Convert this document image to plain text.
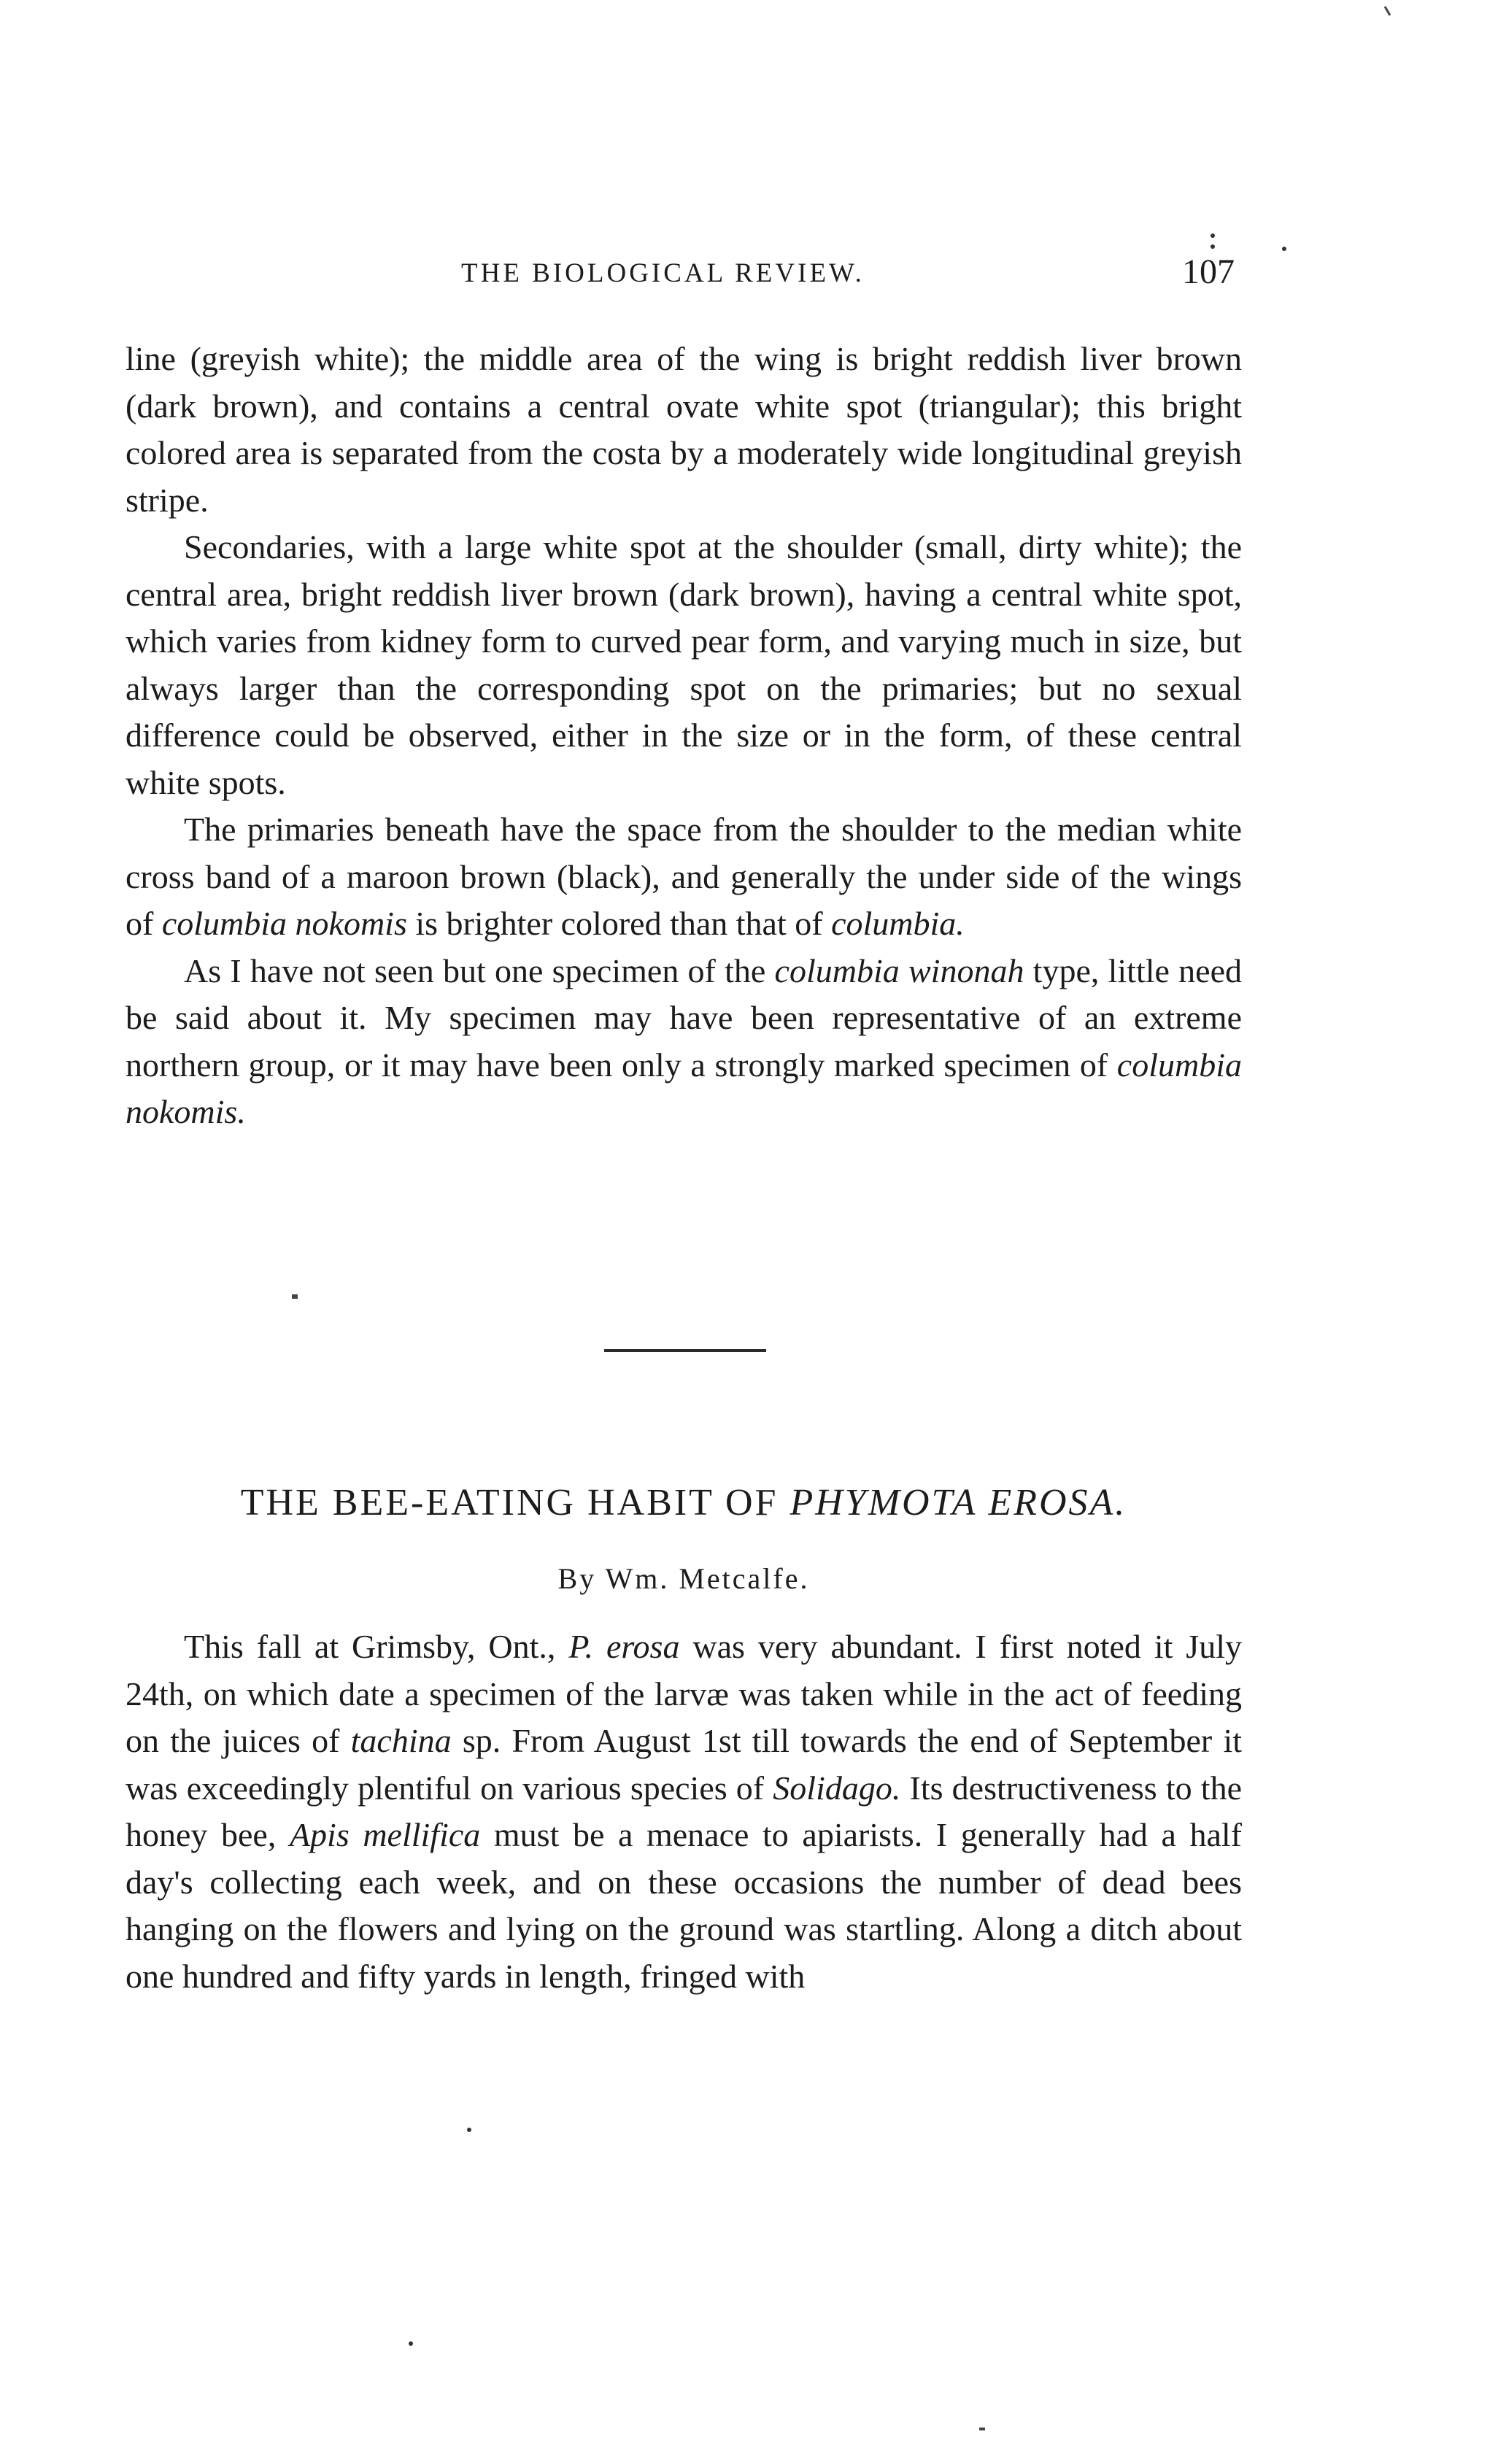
THE BIOLOGICAL REVIEW.	107

line (greyish white); the middle area of the wing is bright reddish liver brown (dark brown), and contains a central ovate white spot (triangular); this bright colored area is separated from the costa by a moderately wide longitudinal greyish stripe.

Secondaries, with a large white spot at the shoulder (small, dirty white); the central area, bright reddish liver brown (dark brown), having a central white spot, which varies from kidney form to curved pear form, and varying much in size, but always larger than the corresponding spot on the primaries; but no sexual difference could be observed, either in the size or in the form, of these central white spots.

The primaries beneath have the space from the shoulder to the median white cross band of a maroon brown (black), and generally the under side of the wings of columbia nokomis is brighter colored than that of columbia.

As I have not seen but one specimen of the columbia winonah type, little need be said about it. My specimen may have been representative of an extreme northern group, or it may have been only a strongly marked specimen of columbia nokomis.

THE BEE-EATING HABIT OF PHYMOTA EROSA.
By Wm. Metcalfe.

This fall at Grimsby, Ont., P. erosa was very abundant. I first noted it July 24th, on which date a specimen of the larvæ was taken while in the act of feeding on the juices of tachina sp. From August 1st till towards the end of September it was exceedingly plentiful on various species of Solidago. Its destructiveness to the honey bee, Apis mellifica must be a menace to apiarists. I generally had a half day's collecting each week, and on these occasions the number of dead bees hanging on the flowers and lying on the ground was startling. Along a ditch about one hundred and fifty yards in length, fringed with
